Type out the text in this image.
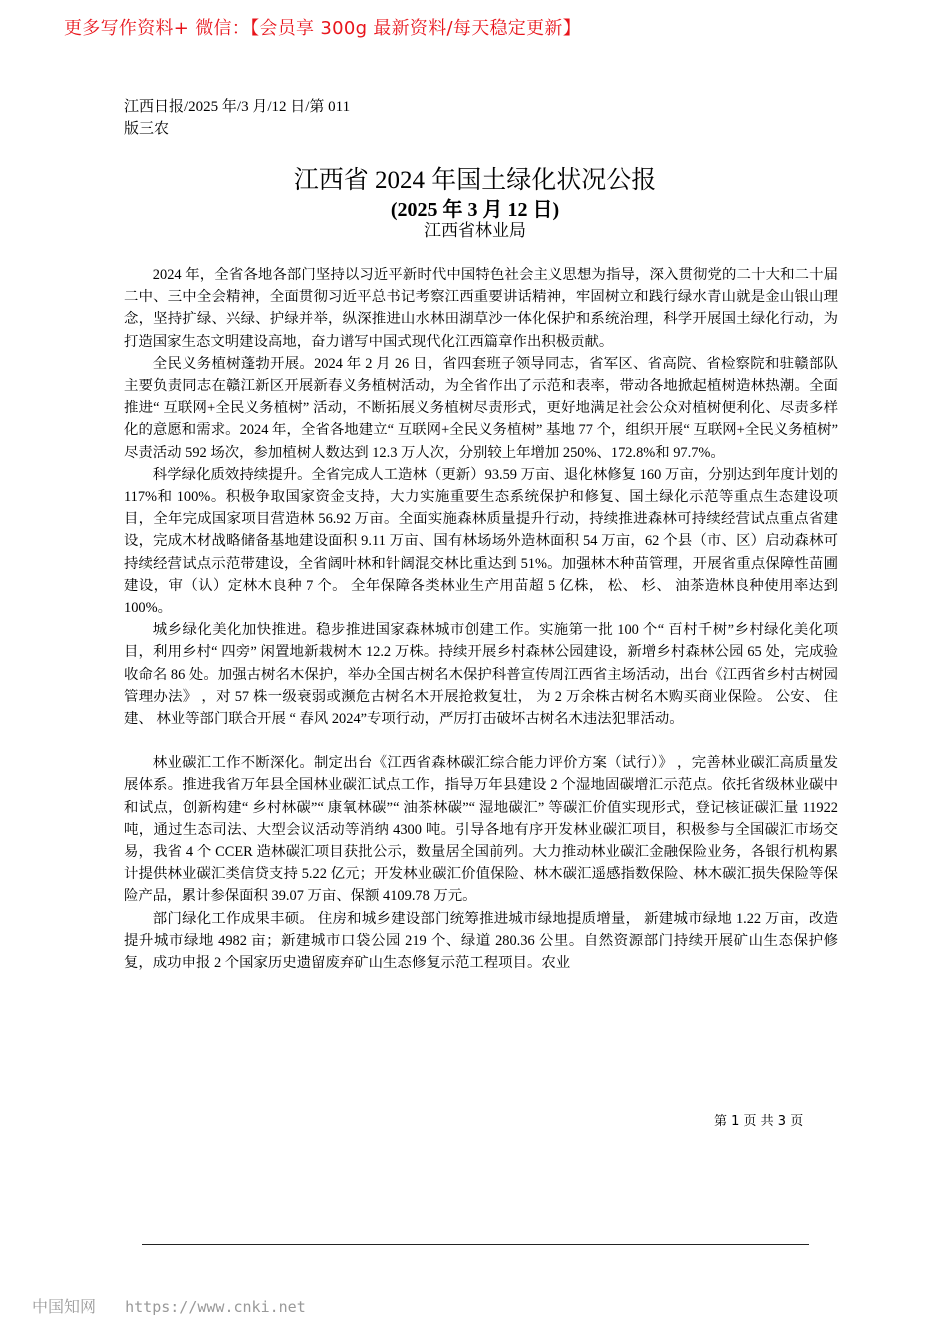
更多写作资料+ 微信：【会员享 300g 最新资料/每天稳定更新】
江西日报/2025 年/3 月/12 日/第 011
版三农
江西省 2024 年国土绿化状况公报
(2025 年 3 月 12 日)
江西省林业局

2024 年，全省各地各部门坚持以习近平新时代中国特色社会主义思想为指导，深入贯彻党的二十大和二十届二中、三中全会精神，全面贯彻习近平总书记考察江西重要讲话精神，牢固树立和践行绿水青山就是金山银山理念，坚持扩绿、兴绿、护绿并举，纵深推进山水林田湖草沙一体化保护和系统治理，科学开展国土绿化行动，为打造国家生态文明建设高地，奋力谱写中国式现代化江西篇章作出积极贡献。

全民义务植树蓬勃开展。2024 年 2 月 26 日，省四套班子领导同志，省军区、省高院、省检察院和驻赣部队主要负责同志在赣江新区开展新春义务植树活动，为全省作出了示范和表率，带动各地掀起植树造林热潮。全面推进“ 互联网+全民义务植树” 活动，不断拓展义务植树尽责形式，更好地满足社会公众对植树便利化、尽责多样化的意愿和需求。2024 年，全省各地建立“ 互联网+全民义务植树” 基地 77 个，组织开展“ 互联网+全民义务植树” 尽责活动 592 场次，参加植树人数达到 12.3 万人次，分别较上年增加 250%、172.8%和 97.7%。

科学绿化质效持续提升。全省完成人工造林（更新）93.59 万亩、退化林修复 160 万亩，分别达到年度计划的 117%和 100%。积极争取国家资金支持，大力实施重要生态系统保护和修复、国土绿化示范等重点生态建设项目，全年完成国家项目营造林 56.92 万亩。全面实施森林质量提升行动，持续推进森林可持续经营试点重点省建设，完成木材战略储备基地建设面积 9.11 万亩、国有林场场外造林面积 54 万亩，62 个县（市、区）启动森林可持续经营试点示范带建设，全省阔叶林和针阔混交林比重达到 51%。加强林木种苗管理，开展省重点保障性苗圃建设，审（认）定林木良种 7 个。 全年保障各类林业生产用苗超 5 亿株， 松、 杉、 油茶造林良种使用率达到 100%。

城乡绿化美化加快推进。稳步推进国家森林城市创建工作。实施第一批 100 个“ 百村千树”乡村绿化美化项目，利用乡村“ 四旁” 闲置地新栽树木 12.2 万株。持续开展乡村森林公园建设，新增乡村森林公园 65 处，完成验收命名 86 处。加强古树名木保护，举办全国古树名木保护科普宣传周江西省主场活动，出台《江西省乡村古树园管理办法》 ，对 57 株一级衰弱或濒危古树名木开展抢救复壮， 为 2 万余株古树名木购买商业保险。 公安、 住建、 林业等部门联合开展 “ 春风 2024”专项行动，严厉打击破坏古树名木违法犯罪活动。

林业碳汇工作不断深化。制定出台《江西省森林碳汇综合能力评价方案（试行）》 ，完善林业碳汇高质量发展体系。推进我省万年县全国林业碳汇试点工作，指导万年县建设 2 个湿地固碳增汇示范点。依托省级林业碳中和试点，创新构建“ 乡村林碳”“ 康氧林碳”“ 油茶林碳”“ 湿地碳汇” 等碳汇价值实现形式，登记核证碳汇量 11922 吨，通过生态司法、大型会议活动等消纳 4300 吨。引导各地有序开发林业碳汇项目，积极参与全国碳汇市场交易，我省 4 个 CCER 造林碳汇项目获批公示，数量居全国前列。大力推动林业碳汇金融保险业务，各银行机构累计提供林业碳汇类信贷支持 5.22 亿元；开发林业碳汇价值保险、林木碳汇遥感指数保险、林木碳汇损失保险等保险产品，累计参保面积 39.07 万亩、保额 4109.78 万元。

部门绿化工作成果丰硕。 住房和城乡建设部门统筹推进城市绿地提质增量， 新建城市绿地 1.22 万亩，改造提升城市绿地 4982 亩；新建城市口袋公园 219 个、绿道 280.36 公里。自然资源部门持续开展矿山生态保护修复，成功申报 2 个国家历史遗留废弃矿山生态修复示范工程项目。农业

第 1 页 共 3 页
中国知网 https://www.cnki.net
